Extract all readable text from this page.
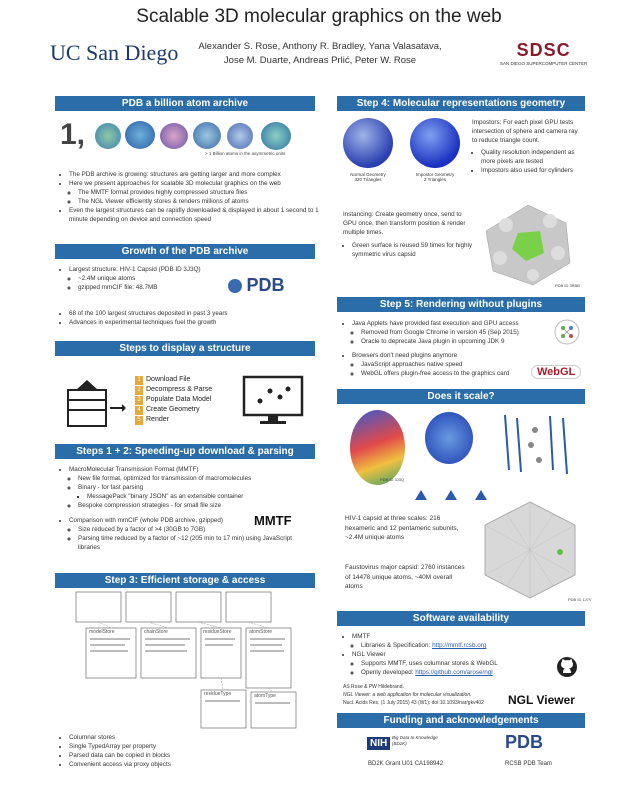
Scalable 3D molecular graphics on the web
UC San Diego	Alexander S. Rose, Anthony R. Bradley, Yana Valasatava,
Jose M. Duarte, Andreas Prlić, Peter W. Rose
SDSC
SAN DIEGO SUPERCOMPUTER CENTER
PDB a billion atom archive
1,
> 1 Billion atoms in the asymmetric units
• The PDB archive is growing: structures are getting larger and more complex
• Here we present approaches for scalable 3D molecular graphics on the web
◦ The MMTF format provides highly compressed structure files
◦ The NGL Viewer efficiently stores & renders millions of atoms
• Even the largest structures can be rapidly downloaded & displayed in about 1 second to 1 minute depending on device and connection speed
Growth of the PDB archive
• Largest structure: HIV-1 Capsid (PDB ID 3J3Q)
◦ ~2.4M unique atoms
◦ gzipped mmCIF file: 48.7MB	PDB
• 68 of the 100 largest structures deposited in past 3 years
• Advances in experimental techniques fuel the growth
Steps to display a structure
1 Download File
2 Decompress & Parse
3 Populate Data Model
4 Create Geometry
5 Render
Steps 1 + 2: Speeding-up download & parsing
• MacroMolecular Transmission Format (MMTF)
◦ New file format, optimized for transmission of macromolecules
◦ Binary - for fast parsing
▪ MessagePack "binary JSON" as an extensible container
◦ Bespoke compression strategies - for small file size
• Comparison with mmCIF (whole PDB archive, gzipped)
◦ Size reduced by a factor of >4 (30GB to 7GB)
◦ Parsing time reduced by a factor of ~12 (205 min to 17 min) using JavaScript libraries
MMTF
Step 3: Efficient storage & access
modelStore	chainStore	residueStore	atomStore
residueType	atomType
• Columnar stores
• Single TypedArray per property
• Parsed data can be copied in blocks
• Convenient access via proxy objects
Step 4: Molecular representations geometry
Normal Geometry
320 Triangles
Impostor Geometry
2 Triangles
Impostors: For each pixel GPU tests intersection of sphere and camera ray to reduce triangle count.
• Quality resolution independent as more pixels are tested
• Impostors also used for cylinders
Instancing: Create geometry once, send to GPU once, then transform position & render multiple times.
• Green surface is reused 59 times for highly symmetric virus capsid
PDB ID 3RBB
Step 5: Rendering without plugins
• Java Applets have provided fast execution and GPU access
◦ Removed from Google Chrome in version 45 (Sep 2015)
◦ Oracle to deprecate Java plugin in upcoming JDK 9
• Browsers don't need plugins anymore
◦ JavaScript approaches native speed
◦ WebGL offers plugin-free access to the graphics card	WebGL
Does it scale?
PDB ID 3J3Q
HIV-1 capsid at three scales: 216 hexameric and 12 pentameric subunits, ~2.4M unique atoms
Faustovirus major capsid: 2760 instances of 14478 unique atoms, ~40M overall atoms
PDB ID 1J7V
Software availability
• MMTF
◦ Libraries & Specification: http://mmtf.rcsb.org
• NGL Viewer
◦ Supports MMTF, uses columnar stores & WebGL
◦ Openly developed: https://github.com/arose/ngl
AS Rose & PW Hildebrand.
NGL Viewer: a web application for molecular visualization.
Nucl. Acids Res. (1 July 2015) 43 (W1): doi:10.1093/nar/gkv402	NGL Viewer
Funding and acknowledgements
NIH
Big Data to Knowledge (BD2K)	PDB
BD2K Grant U01 CA198942	RCSB PDB Team
